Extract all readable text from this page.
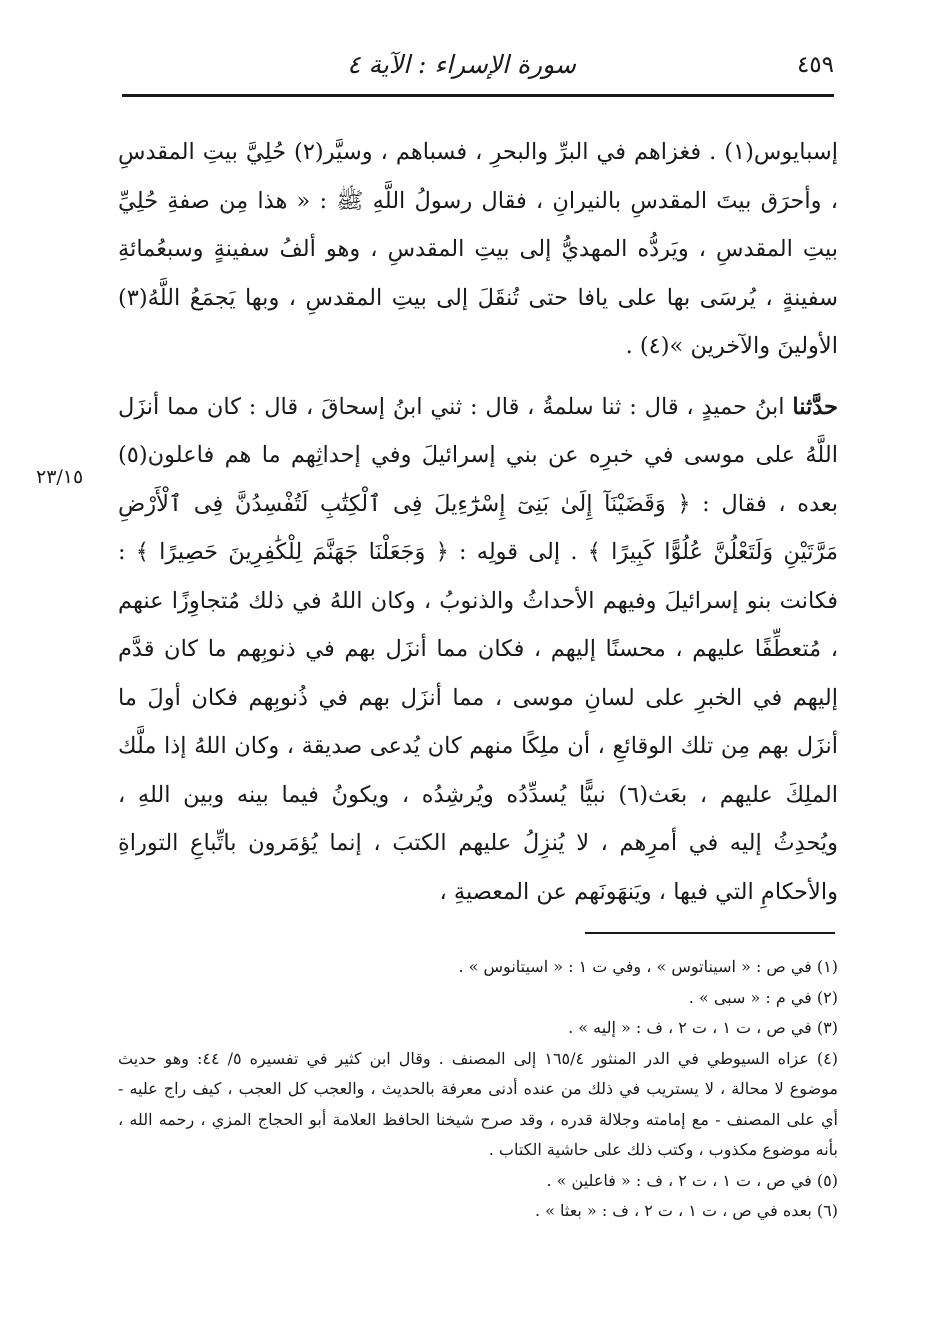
٤٥٩
سورة الإسراء : الآية ٤
٢٣/١٥

إسبايوس(١) . فغزاهم في البرِّ والبحرِ ، فسباهم ، وسيَّر(٢) حُلِيَّ بيتِ المقدسِ ، وأحرَق بيتَ المقدسِ بالنيرانِ ، فقال رسولُ اللَّهِ ﷺ : « هذا مِن صفةِ حُلِيِّ بيتِ المقدسِ ، ويَردُّه المهديُّ إلى بيتِ المقدسِ ، وهو ألفُ سفينةٍ وسبعُمائةِ سفينةٍ ، يُرسَى بها على يافا حتى تُنقَلَ إلى بيتِ المقدسِ ، وبها يَجمَعُ اللَّهُ(٣) الأولينَ والآخرين »(٤) .

حدَّثنا ابنُ حميدٍ ، قال : ثنا سلمةُ ، قال : ثني ابنُ إسحاقَ ، قال : كان مما أنزَل اللَّهُ على موسى في خبرِه عن بني إسرائيلَ وفي إحداثِهم ما هم فاعلون(٥) بعده ، فقال : ﴿ وَقَضَيْنَآ إِلَىٰ بَنِىٓ إِسْرَٰٓءِيلَ فِى ٱلْكِتَٰبِ لَتُفْسِدُنَّ فِى ٱلْأَرْضِ مَرَّتَيْنِ وَلَتَعْلُنَّ عُلُوًّا كَبِيرًا ﴾ . إلى قولِه : ﴿ وَجَعَلْنَا جَهَنَّمَ لِلْكَٰفِرِينَ حَصِيرًا ﴾ : فكانت بنو إسرائيلَ وفيهم الأحداثُ والذنوبُ ، وكان اللهُ في ذلك مُتجاوِزًا عنهم ، مُتعطِّفًا عليهم ، محسنًا إليهم ، فكان مما أنزَل بهم في ذنوبِهم ما كان قدَّم إليهم في الخبرِ على لسانِ موسى ، مما أنزَل بهم في ذُنوبِهم فكان أولَ ما أنزَل بهم مِن تلك الوقائعِ ، أن ملِكًا منهم كان يُدعى صديقة ، وكان اللهُ إذا ملَّك الملِكَ عليهم ، بعَث(٦) نبيًّا يُسدِّدُه ويُرشِدُه ، ويكونُ فيما بينه وبين اللهِ ، ويُحدِثُ إليه في أمرِهم ، لا يُنزِلُ عليهم الكتبَ ، إنما يُؤمَرون باتِّباعِ التوراةِ والأحكامِ التي فيها ، ويَنهَونَهم عن المعصيةِ ،

(١) في ص : « اسيناتوس » ، وفي ت ١ : « اسيتانوس » .

(٢) في م : « سبى » .

(٣) في ص ، ت ١ ، ت ٢ ، ف : « إليه » .

(٤) عزاه السيوطي في الدر المنثور ١٦٥/٤ إلى المصنف . وقال ابن كثير في تفسيره ٥/ ٤٤: وهو حديث موضوع لا محالة ، لا يستريب في ذلك من عنده أدنى معرفة بالحديث ، والعجب كل العجب ، كيف راج عليه - أي على المصنف - مع إمامته وجلالة قدره ، وقد صرح شيخنا الحافظ العلامة أبو الحجاج المزي ، رحمه الله ، بأنه موضوع مكذوب ، وكتب ذلك على حاشية الكتاب .

(٥) في ص ، ت ١ ، ت ٢ ، ف : « فاعلين » .

(٦) بعده في ص ، ت ١ ، ت ٢ ، ف : « بعثا » .
